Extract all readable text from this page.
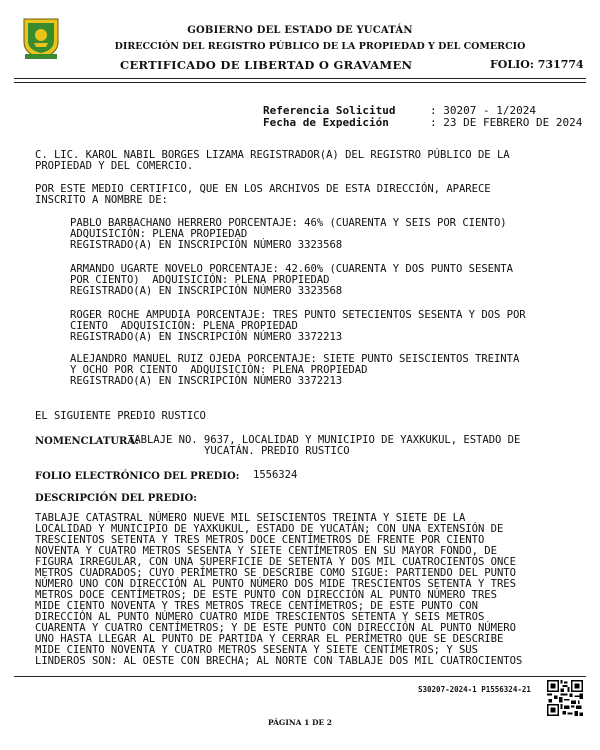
GOBIERNO DEL ESTADO DE YUCATÁN
DIRECCIÓN DEL REGISTRO PÚBLICO DE LA PROPIEDAD Y DEL COMERCIO
CERTIFICADO DE LIBERTAD O GRAVAMEN	FOLIO: 731774
Referencia Solicitud	: 30207 - 1/2024
Fecha de Expedición	: 23 DE FEBRERO DE 2024
C. LIC. KAROL NABIL BORGES LIZAMA REGISTRADOR(A) DEL REGISTRO PÚBLICO DE LA
PROPIEDAD Y DEL COMERCIO.
POR ESTE MEDIO CERTIFICO, QUE EN LOS ARCHIVOS DE ESTA DIRECCIÓN, APARECE
INSCRITO A NOMBRE DE:
PABLO BARBACHANO HERRERO PORCENTAJE: 46% (CUARENTA Y SEIS POR CIENTO)
ADQUISICIÓN: PLENA PROPIEDAD
REGISTRADO(A) EN INSCRIPCIÓN NÚMERO 3323568
ARMANDO UGARTE NOVELO PORCENTAJE: 42.60% (CUARENTA Y DOS PUNTO SESENTA
POR CIENTO)  ADQUISICIÓN: PLENA PROPIEDAD
REGISTRADO(A) EN INSCRIPCIÓN NÚMERO 3323568
ROGER ROCHE AMPUDIA PORCENTAJE: TRES PUNTO SETECIENTOS SESENTA Y DOS POR
CIENTO  ADQUISICIÓN: PLENA PROPIEDAD
REGISTRADO(A) EN INSCRIPCIÓN NÚMERO 3372213
ALEJANDRO MANUEL RUIZ OJEDA PORCENTAJE: SIETE PUNTO SEISCIENTOS TREINTA
Y OCHO POR CIENTO  ADQUISICIÓN: PLENA PROPIEDAD
REGISTRADO(A) EN INSCRIPCIÓN NÚMERO 3372213
EL SIGUIENTE PREDIO RUSTICO
NOMENCLATURA:
TABLAJE NO. 9637, LOCALIDAD Y MUNICIPIO DE YAXKUKUL, ESTADO DE
YUCATÁN. PREDIO RUSTICO
FOLIO ELECTRÓNICO DEL PREDIO: 1556324
DESCRIPCIÓN DEL PREDIO:
TABLAJE CATASTRAL NÚMERO NUEVE MIL SEISCIENTOS TREINTA Y SIETE DE LA
LOCALIDAD Y MUNICIPIO DE YAXKUKUL, ESTADO DE YUCATÁN; CON UNA EXTENSIÓN DE
TRESCIENTOS SETENTA Y TRES METROS DOCE CENTÍMETROS DE FRENTE POR CIENTO
NOVENTA Y CUATRO METROS SESENTA Y SIETE CENTÍMETROS EN SU MAYOR FONDO, DE
FIGURA IRREGULAR, CON UNA SUPERFICIE DE SETENTA Y DOS MIL CUATROCIENTOS ONCE
METROS CUADRADOS; CUYO PERÍMETRO SE DESCRIBE COMO SIGUE: PARTIENDO DEL PUNTO
NÚMERO UNO CON DIRECCIÓN AL PUNTO NÚMERO DOS MIDE TRESCIENTOS SETENTA Y TRES
METROS DOCE CENTÍMETROS; DE ESTE PUNTO CON DIRECCIÓN AL PUNTO NÚMERO TRES
MIDE CIENTO NOVENTA Y TRES METROS TRECE CENTÍMETROS; DE ESTE PUNTO CON
DIRECCIÓN AL PUNTO NÚMERO CUATRO MIDE TRESCIENTOS SETENTA Y SEIS METROS
CUARENTA Y CUATRO CENTÍMETROS; Y DE ESTE PUNTO CON DIRECCIÓN AL PUNTO NÚMERO
UNO HASTA LLEGAR AL PUNTO DE PARTIDA Y CERRAR EL PERÍMETRO QUE SE DESCRIBE
MIDE CIENTO NOVENTA Y CUATRO METROS SESENTA Y SIETE CENTÍMETROS; Y SUS
LINDEROS SON: AL OESTE CON BRECHA; AL NORTE CON TABLAJE DOS MIL CUATROCIENTOS
S30207-2024-1 P1556324-21
PÁGINA 1 DE 2
